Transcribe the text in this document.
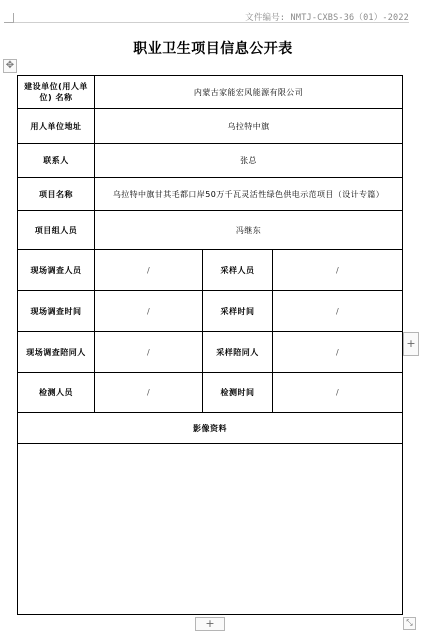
文件编号: NMTJ-CXBS-36（01）-2022
职业卫生项目信息公开表
✥
建设单位(用人单位) 名称	内蒙古家能宏风能源有限公司		
用人单位地址	乌拉特中旗		
联系人	张总		
项目名称	乌拉特中旗甘其毛都口岸50万千瓦灵活性绿色供电示范项目（设计专篇）		
项目组人员	冯继东		
现场调查人员	/	采样人员	/
现场调查时间	/	采样时间	/
现场调查陪同人	/	采样陪同人	/
检测人员	/	检测时间	/
影像资料			

+
+	⤡
